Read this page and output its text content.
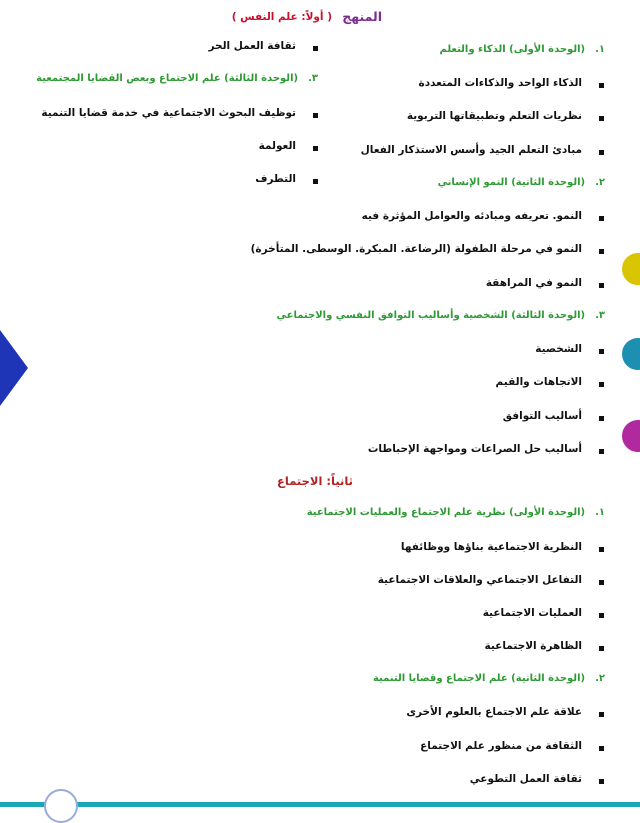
المنهج
( أولاً: علم النفس )
ثقافة العمل الحر
٣.(الوحدة الثالثة) علم الاجتماع وبعض القضايا المجتمعية
توظيف البحوث الاجتماعية في خدمة قضايا التنمية
العولمة
التطرف
١.(الوحدة الأولى) الذكاء والتعلم
الذكاء الواحد والذكاءات المتعددة
نظريات التعلم وتطبيقاتها التربوية
مبادئ التعلم الجيد وأسس الاستذكار الفعال
٢.(الوحدة الثانية) النمو الإنساني
النمو. تعريفه ومبادئه والعوامل المؤثرة فيه
النمو في مرحلة الطفولة (الرضاعة. المبكرة. الوسطى. المتأخرة)
النمو في المراهقة
٣.(الوحدة الثالثة) الشخصية وأساليب التوافق النفسي والاجتماعي
الشخصية
الاتجاهات والقيم
أساليب التوافق
أساليب حل الصراعات ومواجهة الإحباطات
١.(الوحدة الأولى) نظرية علم الاجتماع والعمليات الاجتماعية
النظرية الاجتماعية بناؤها ووظائفها
التفاعل الاجتماعي والعلاقات الاجتماعية
العمليات الاجتماعية
الظاهرة الاجتماعية
٢.(الوحدة الثانية) علم الاجتماع وقضايا التنمية
علاقة علم الاجتماع بالعلوم الأخرى
الثقافة من منظور علم الاجتماع
ثقافة العمل التطوعي
ثانياً: الاجتماع
